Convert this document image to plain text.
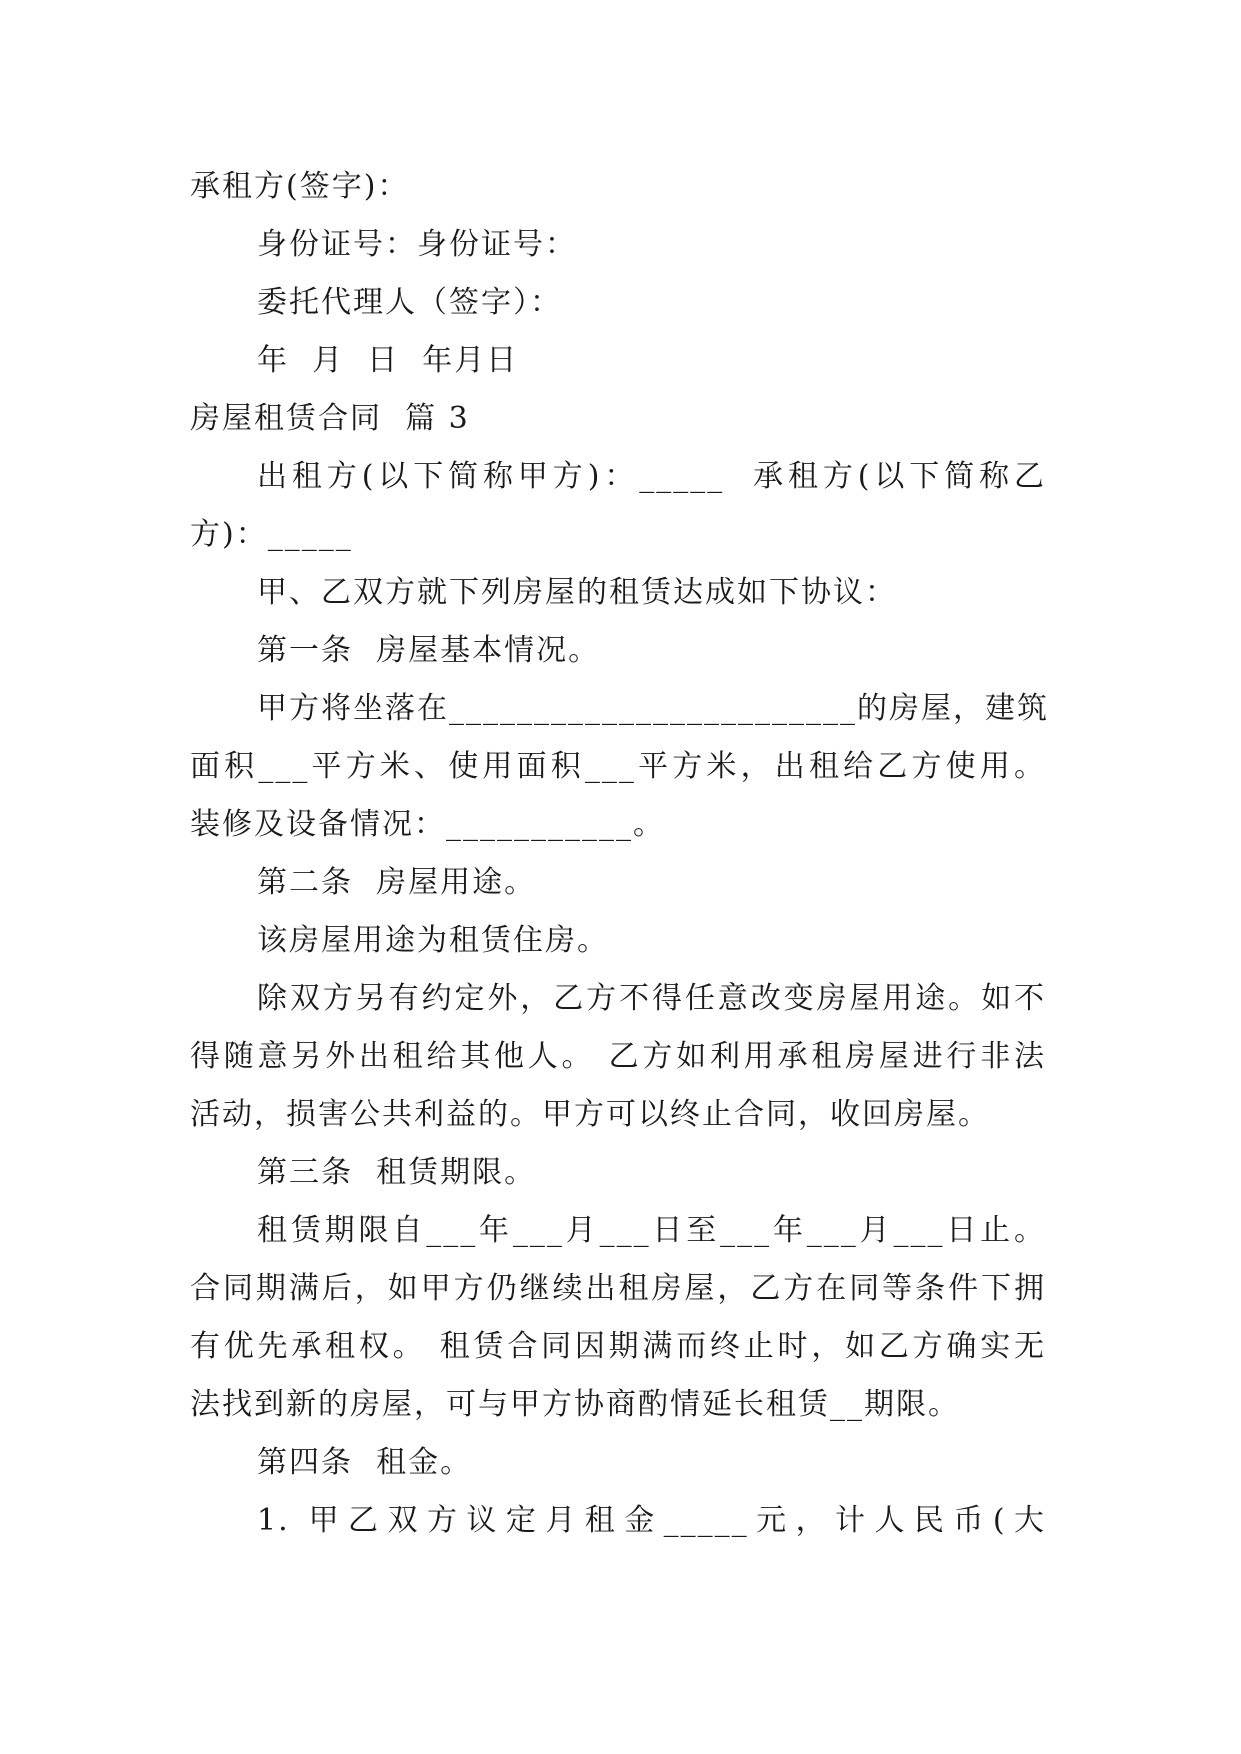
承租方(签字)：
身份证号：身份证号：
委托代理人（签字）：
年  月  日  年月日
房屋租赁合同  篇 3
出租方(以下简称甲方)：_____  承租方(以下简称乙
方)：_____
甲、乙双方就下列房屋的租赁达成如下协议：
第一条  房屋基本情况。
甲方将坐落在________________________的房屋，建筑
面积___平方米、使用面积___平方米，出租给乙方使用。
装修及设备情况：___________。
第二条  房屋用途。
该房屋用途为租赁住房。
除双方另有约定外，乙方不得任意改变房屋用途。如不
得随意另外出租给其他人。 乙方如利用承租房屋进行非法
活动，损害公共利益的。甲方可以终止合同，收回房屋。
第三条  租赁期限。
租赁期限自___年___月___日至___年___月___日止。
合同期满后，如甲方仍继续出租房屋，乙方在同等条件下拥
有优先承租权。 租赁合同因期满而终止时，如乙方确实无
法找到新的房屋，可与甲方协商酌情延长租赁__期限。
第四条  租金。
1. 甲乙双方议定月租金_____元，计人民币(大
